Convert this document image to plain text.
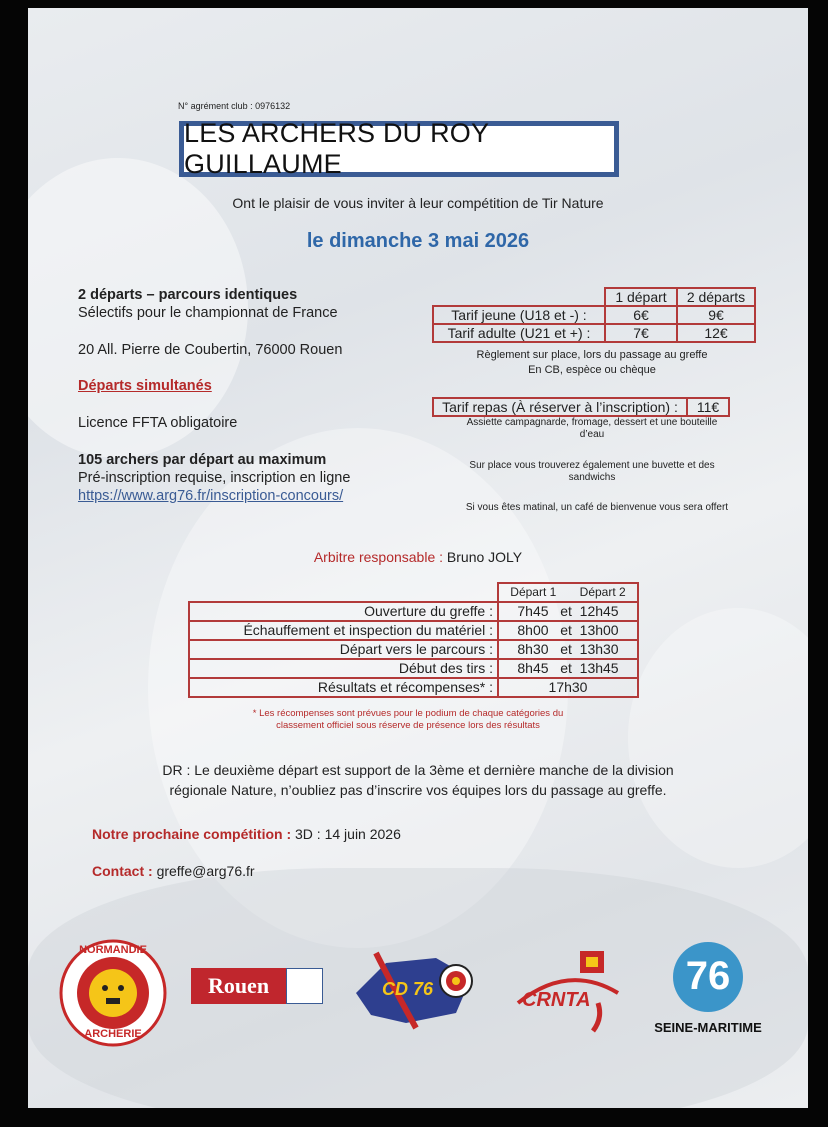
N° agrément club : 0976132
LES ARCHERS DU ROY GUILLAUME
Ont le plaisir de vous inviter à leur compétition de Tir Nature
le dimanche 3 mai 2026
2 départs – parcours identiques
Sélectifs pour le championnat de France
20 All. Pierre de Coubertin, 76000 Rouen
Départs simultanés
Licence FFTA obligatoire
105 archers par départ au maximum
Pré-inscription requise, inscription en ligne
https://www.arg76.fr/inscription-concours/
	1 départ	2 départs
Tarif jeune (U18 et -) :	6€	9€
Tarif adulte (U21 et +) :	7€	12€
Règlement sur place, lors du passage au greffe
En CB, espèce ou chèque
Tarif repas (À réserver à l’inscription) :	11€
Assiette campagnarde, fromage, dessert et une bouteille
d’eau
Sur place vous trouverez également une buvette et des
sandwichs
Si vous êtes matinal, un café de bienvenue vous sera offert
Arbitre responsable : Bruno JOLY
	Départ 1 Départ 2
Ouverture du greffe :	7h45   et  12h45
Échauffement et inspection du matériel :	8h00   et  13h00
Départ vers le parcours :	8h30   et  13h30
Début des tirs :	8h45   et  13h45
Résultats et récompenses* :	17h30
* Les récompenses sont prévues pour le podium de chaque catégories du
classement officiel sous réserve de présence lors des résultats
DR : Le deuxième départ est support de la 3ème et dernière manche de la division
régionale Nature, n’oubliez pas d’inscrire vos équipes lors du passage au greffe.
Notre prochaine compétition : 3D : 14 juin 2026
Contact : greffe@arg76.fr
NORMANDIE
ARCHERIE
Rouen	CD 76	CRNTA
76
SEINE-MARITIME
